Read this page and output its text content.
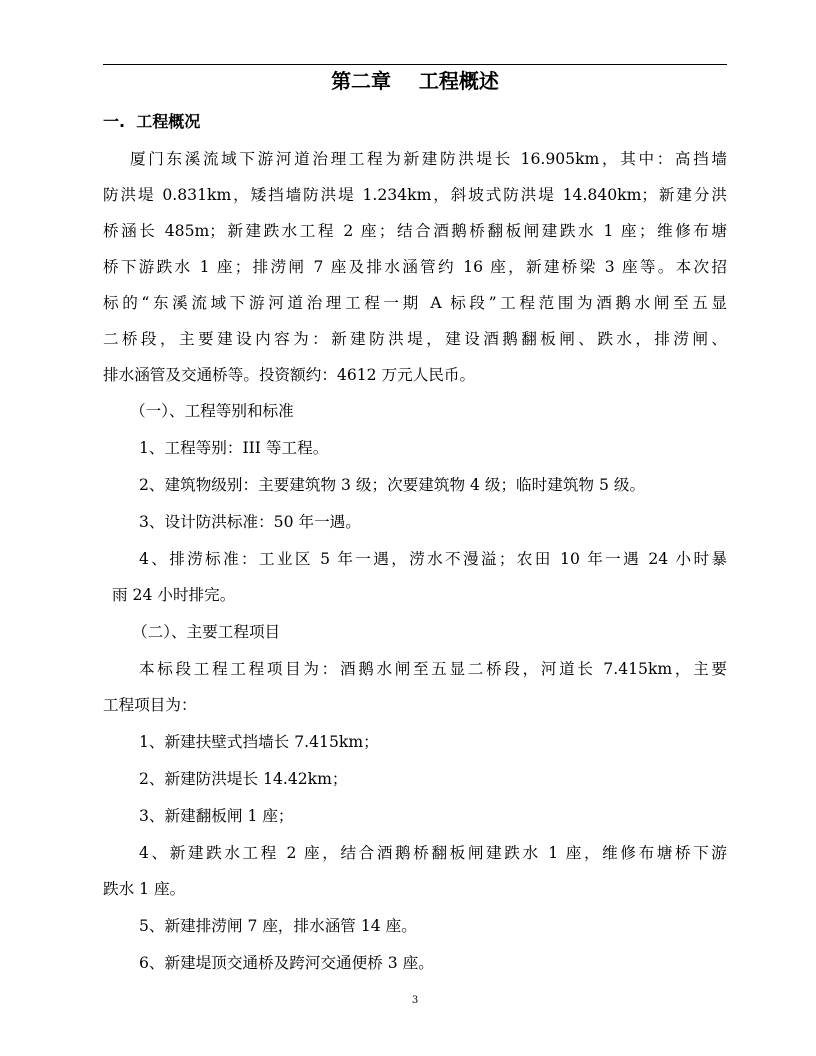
第二章    工程概述
一.  工程概况
厦门东溪流域下游河道治理工程为新建防洪堤长 16.905km，其中：高挡墙
防洪堤 0.831km，矮挡墙防洪堤 1.234km，斜坡式防洪堤 14.840km；新建分洪
桥涵长 485m；新建跌水工程 2 座；结合酒鹅桥翻板闸建跌水 1 座；维修布塘
桥下游跌水 1 座；排涝闸 7 座及排水涵管约 16 座，新建桥梁 3 座等。本次招
标的“东溪流域下游河道治理工程一期 A 标段”工程范围为酒鹅水闸至五显
二桥段，主要建设内容为：新建防洪堤，建设酒鹅翻板闸、跌水，排涝闸、
排水涵管及交通桥等。投资额约：4612 万元人民币。
（一）、工程等别和标准
1、工程等别：III 等工程。
2、建筑物级别：主要建筑物 3 级；次要建筑物 4 级；临时建筑物 5 级。
3、设计防洪标准：50 年一遇。
4、排涝标准：工业区 5 年一遇，涝水不漫溢；农田 10 年一遇 24 小时暴
雨 24 小时排完。
（二）、主要工程项目
本标段工程工程项目为：酒鹅水闸至五显二桥段，河道长 7.415km，主要
工程项目为：
1、新建扶壁式挡墙长 7.415km；
2、新建防洪堤长 14.42km；
3、新建翻板闸 1 座；
4、新建跌水工程 2 座，结合酒鹅桥翻板闸建跌水 1 座，维修布塘桥下游
跌水 1 座。
5、新建排涝闸 7 座，排水涵管 14 座。
6、新建堤顶交通桥及跨河交通便桥 3 座。
3
